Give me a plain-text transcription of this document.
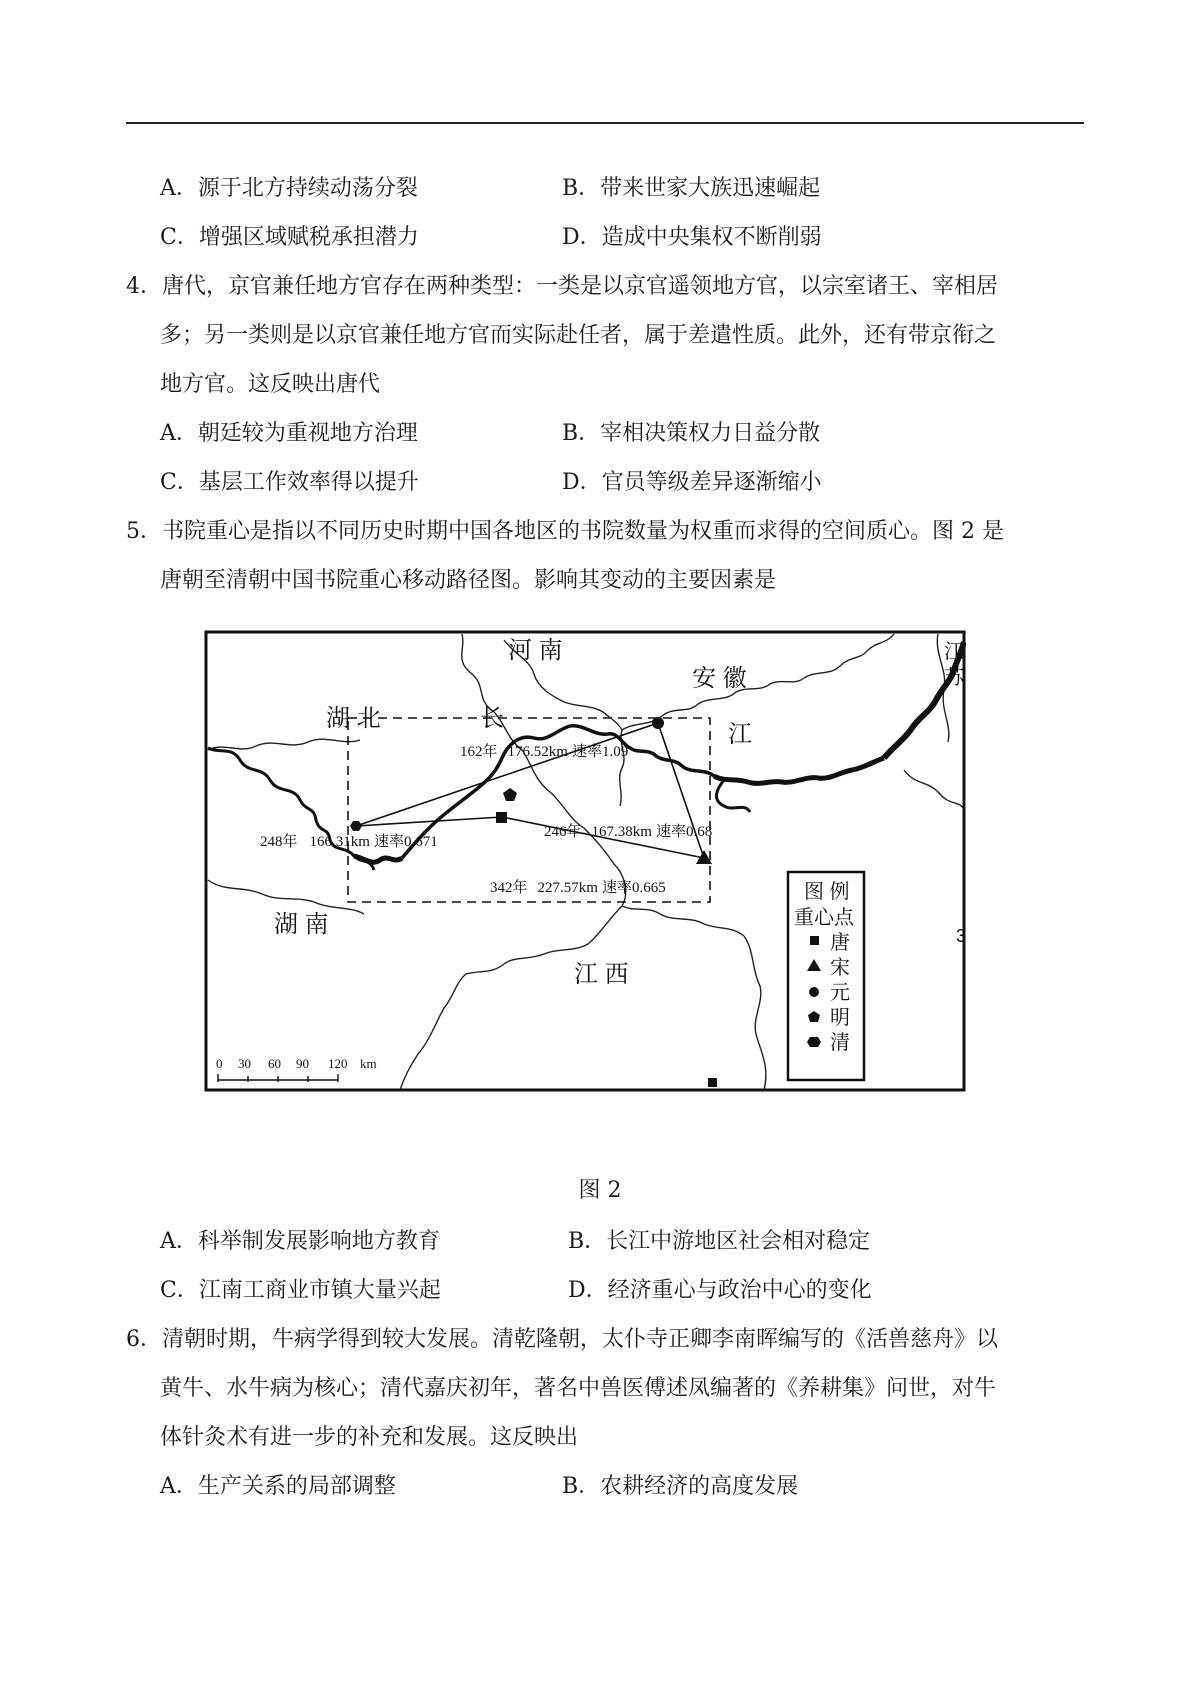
A．源于北方持续动荡分裂	B．带来世家大族迅速崛起
C．增强区域赋税承担潜力	D．造成中央集权不断削弱
4．唐代，京官兼任地方官存在两种类型：一类是以京官遥领地方官，以宗室诸王、宰相居
多；另一类则是以京官兼任地方官而实际赴任者，属于差遣性质。此外，还有带京衔之
地方官。这反映出唐代
A．朝廷较为重视地方治理	B．宰相决策权力日益分散
C．基层工作效率得以提升	D．官员等级差异逐渐缩小
5．书院重心是指以不同历史时期中国各地区的书院数量为权重而求得的空间质心。图 2 是
唐朝至清朝中国书院重心移动路径图。影响其变动的主要因素是
河 南
安 徽
湖 北
湖 南
江 西
长
江
江
苏
3
248年 166.31km 速率0.671
162年 176.52km 速率1.09
246年 167.38km 速率0.68
342年 227.57km 速率0.665	图 例
重心点
唐
宋
元
明
清
0 30 60 90 120 km
图 2
A．科举制发展影响地方教育	B．长江中游地区社会相对稳定
C．江南工商业市镇大量兴起	D．经济重心与政治中心的变化
6．清朝时期，牛病学得到较大发展。清乾隆朝，太仆寺正卿李南晖编写的《活兽慈舟》以
黄牛、水牛病为核心；清代嘉庆初年，著名中兽医傅述凤编著的《养耕集》问世，对牛
体针灸术有进一步的补充和发展。这反映出
A．生产关系的局部调整	B．农耕经济的高度发展
